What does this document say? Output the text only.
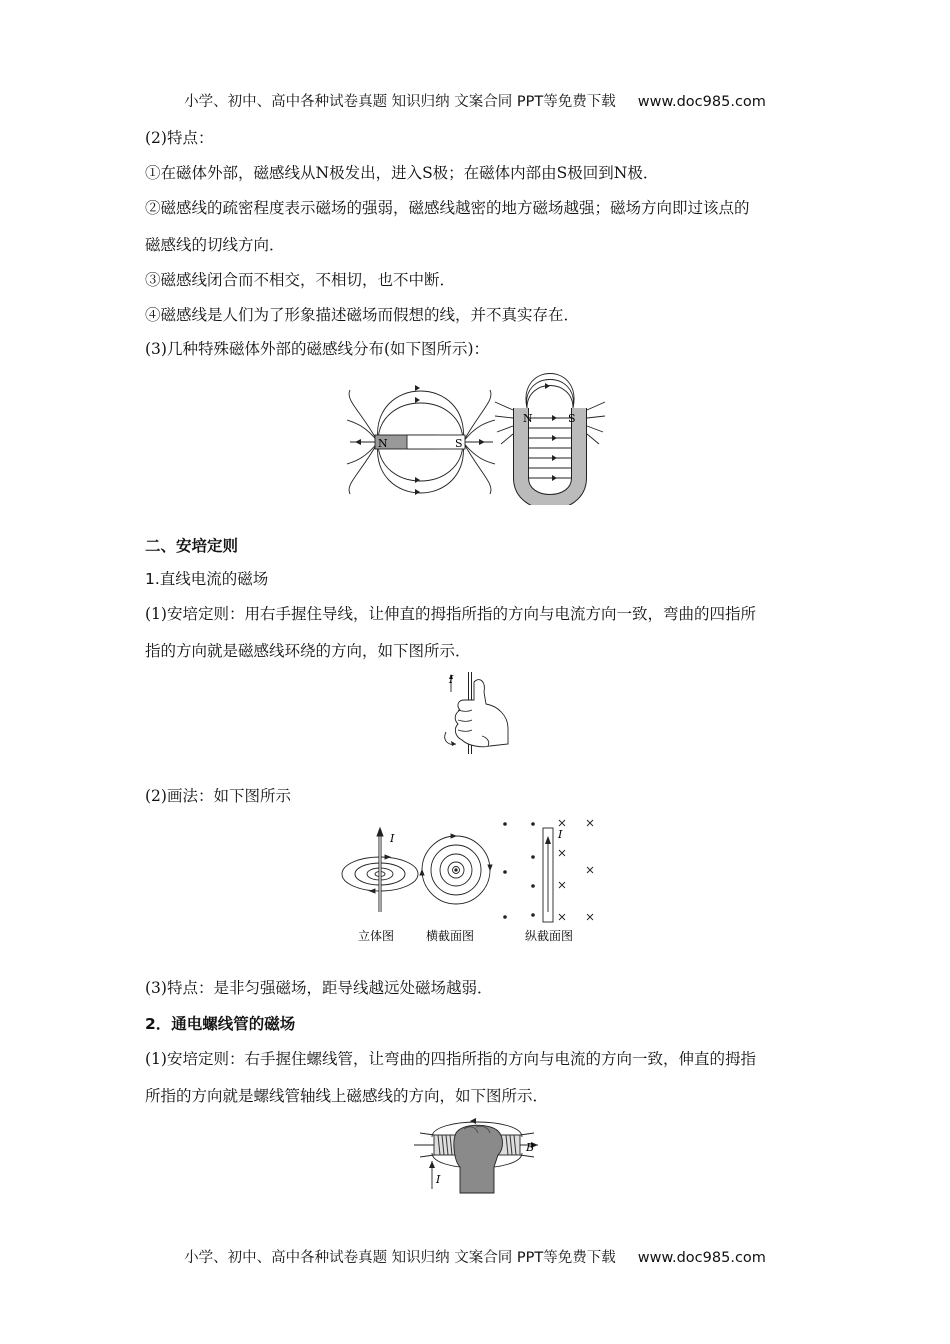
小学、初中、高中各种试卷真题 知识归纳 文案合同 PPT等免费下载 www.doc985.com
(2)特点：
①在磁体外部，磁感线从N极发出，进入S极；在磁体内部由S极回到N极．
②磁感线的疏密程度表示磁场的强弱，磁感线越密的地方磁场越强；磁场方向即过该点的
磁感线的切线方向．
③磁感线闭合而不相交，不相切，也不中断．
④磁感线是人们为了形象描述磁场而假想的线，并不真实存在．
(3)几种特殊磁体外部的磁感线分布(如下图所示)：
N	S
N	S
二、安培定则
1.直线电流的磁场
(1)安培定则：用右手握住导线，让伸直的拇指所指的方向与电流方向一致，弯曲的四指所
指的方向就是磁感线环绕的方向，如下图所示．
I
(2)画法：如下图所示
I	I
立体图	横截面图	纵截面图
(3)特点：是非匀强磁场，距导线越远处磁场越弱．
2．通电螺线管的磁场
(1)安培定则：右手握住螺线管，让弯曲的四指所指的方向与电流的方向一致，伸直的拇指
所指的方向就是螺线管轴线上磁感线的方向，如下图所示．
B
I
小学、初中、高中各种试卷真题 知识归纳 文案合同 PPT等免费下载 www.doc985.com
